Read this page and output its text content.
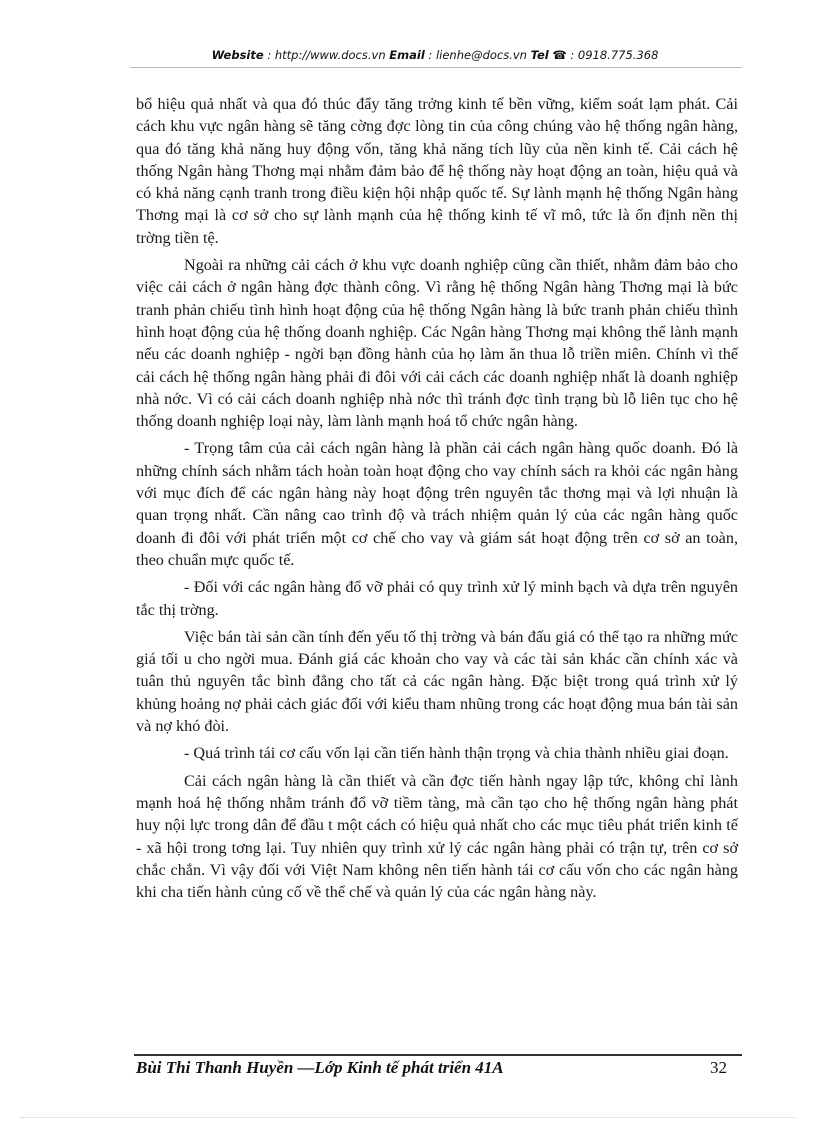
Website : http://www.docs.vn Email : lienhe@docs.vn Tel ☎ : 0918.775.368

bổ hiệu quả nhất và qua đó thúc đẩy tăng trởng kinh tế bền vững, kiểm soát lạm phát. Cải cách khu vực ngân hàng sẽ tăng cờng đợc lòng tin của công chúng vào hệ thống ngân hàng, qua đó tăng khả năng huy động vốn, tăng khả năng tích lũy của nền kinh tế. Cải cách hệ thống Ngân hàng Thơng mại nhằm đảm bảo để hệ thống này hoạt động an toàn, hiệu quả và có khả năng cạnh tranh trong điều kiện hội nhập quốc tế. Sự lành mạnh hệ thống Ngân hàng Thơng mại là cơ sở cho sự lành mạnh của hệ thống kinh tế vĩ mô, tức là ổn định nền thị trờng tiền tệ.

Ngoài ra những cải cách ở khu vực doanh nghiệp cũng cần thiết, nhằm đảm bảo cho việc cải cách ở ngân hàng đợc thành công. Vì rằng hệ thống Ngân hàng Thơng mại là bức tranh phản chiếu tình hình hoạt động của hệ thống Ngân hàng là bức tranh phản chiếu thình hình hoạt động của hệ thống doanh nghiệp. Các Ngân hàng Thơng mại không thể lành mạnh nếu các doanh nghiệp - ngời bạn đồng hành của họ làm ăn thua lỗ triền miên. Chính vì thế cải cách hệ thống ngân hàng phải đi đôi với cải cách các doanh nghiệp nhất là doanh nghiệp nhà nớc. Vì có cải cách doanh nghiệp nhà nớc thì tránh đợc tình trạng bù lỗ liên tục cho hệ thống doanh nghiệp loại này, làm lành mạnh hoá tổ chức ngân hàng.

- Trọng tâm của cải cách ngân hàng là phần cải cách ngân hàng quốc doanh. Đó là những chính sách nhằm tách hoàn toàn hoạt động cho vay chính sách ra khỏi các ngân hàng với mục đích để các ngân hàng này hoạt động trên nguyên tắc thơng mại và lợi nhuận là quan trọng nhất. Cần nâng cao trình độ và trách nhiệm quản lý của các ngân hàng quốc doanh đi đôi với phát triển một cơ chế cho vay và giám sát hoạt động trên cơ sở an toàn, theo chuẩn mực quốc tế.

- Đối với các ngân hàng đổ vỡ phải có quy trình xử lý minh bạch và dựa trên nguyên tắc thị trờng.

Việc bán tài sản cần tính đến yếu tố thị trờng và bán đấu giá có thể tạo ra những mức giá tối u cho ngời mua. Đánh giá các khoản cho vay và các tài sản khác cần chính xác và tuân thủ nguyên tắc bình đẳng cho tất cả các ngân hàng. Đặc biệt trong quá trình xử lý khủng hoảng nợ phải cảch giác đối với kiểu tham nhũng trong các hoạt động mua bán tài sản và nợ khó đòi.

- Quá trình tái cơ cấu vốn lại cần tiến hành thận trọng và chia thành nhiều giai đoạn.

Cải cách ngân hàng là cần thiết và cần đợc tiến hành ngay lập tức, không chỉ lành mạnh hoá hệ thống nhằm tránh đổ vỡ tiềm tàng, mà cần tạo cho hệ thống ngân hàng phát huy nội lực trong dân để đầu t một cách có hiệu quả nhất cho các mục tiêu phát triển kinh tế - xã hội trong tơng lại. Tuy nhiên quy trình xử lý các ngân hàng phải có trận tự, trên cơ sở chắc chắn. Vì vậy đối với Việt Nam không nên tiến hành tái cơ cấu vốn cho các ngân hàng khi cha tiến hành củng cố về thể chế và quản lý của các ngân hàng này.

Bùi Thi Thanh Huyền —Lớp Kinh tế phát triển 41A	32
